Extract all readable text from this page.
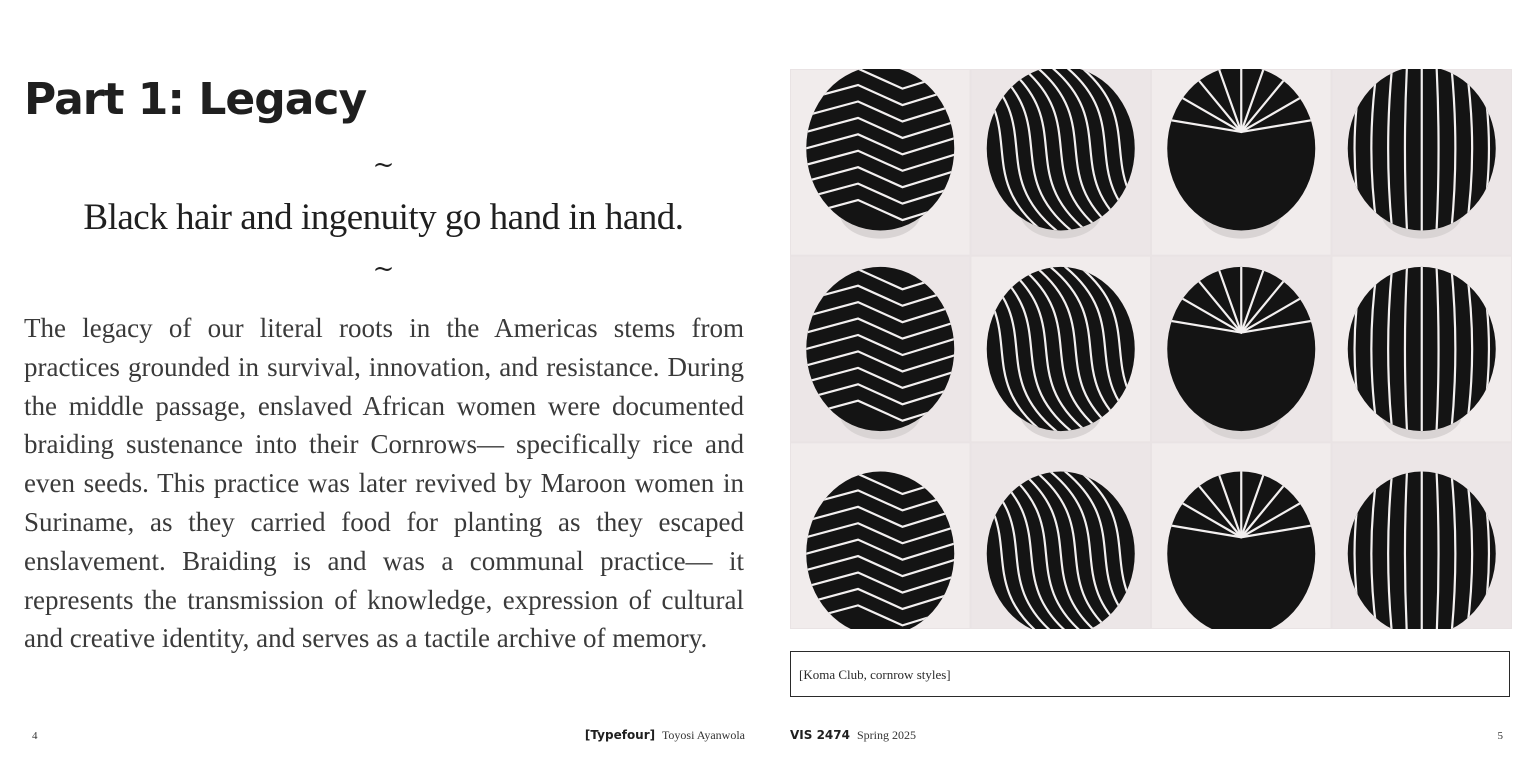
Part 1: Legacy
~

Black hair and ingenuity go hand in hand.

~

The legacy of our literal roots in the Americas stems from practices grounded in survival, innovation, and resistance. During the middle passage, enslaved African women were documented braiding sustenance into their Cornrows— specifically rice and even seeds. This practice was later revived by Maroon women in Suriname, as they carried food for planting as they escaped enslavement. Braiding is and was a communal practice— it represents the transmission of knowledge, expression of cultural and creative identity, and serves as a tactile archive of memory.

4	[Typefour] Toyosi Ayanwola
[Koma Club, cornrow styles]
VIS 2474 Spring 2025	5
